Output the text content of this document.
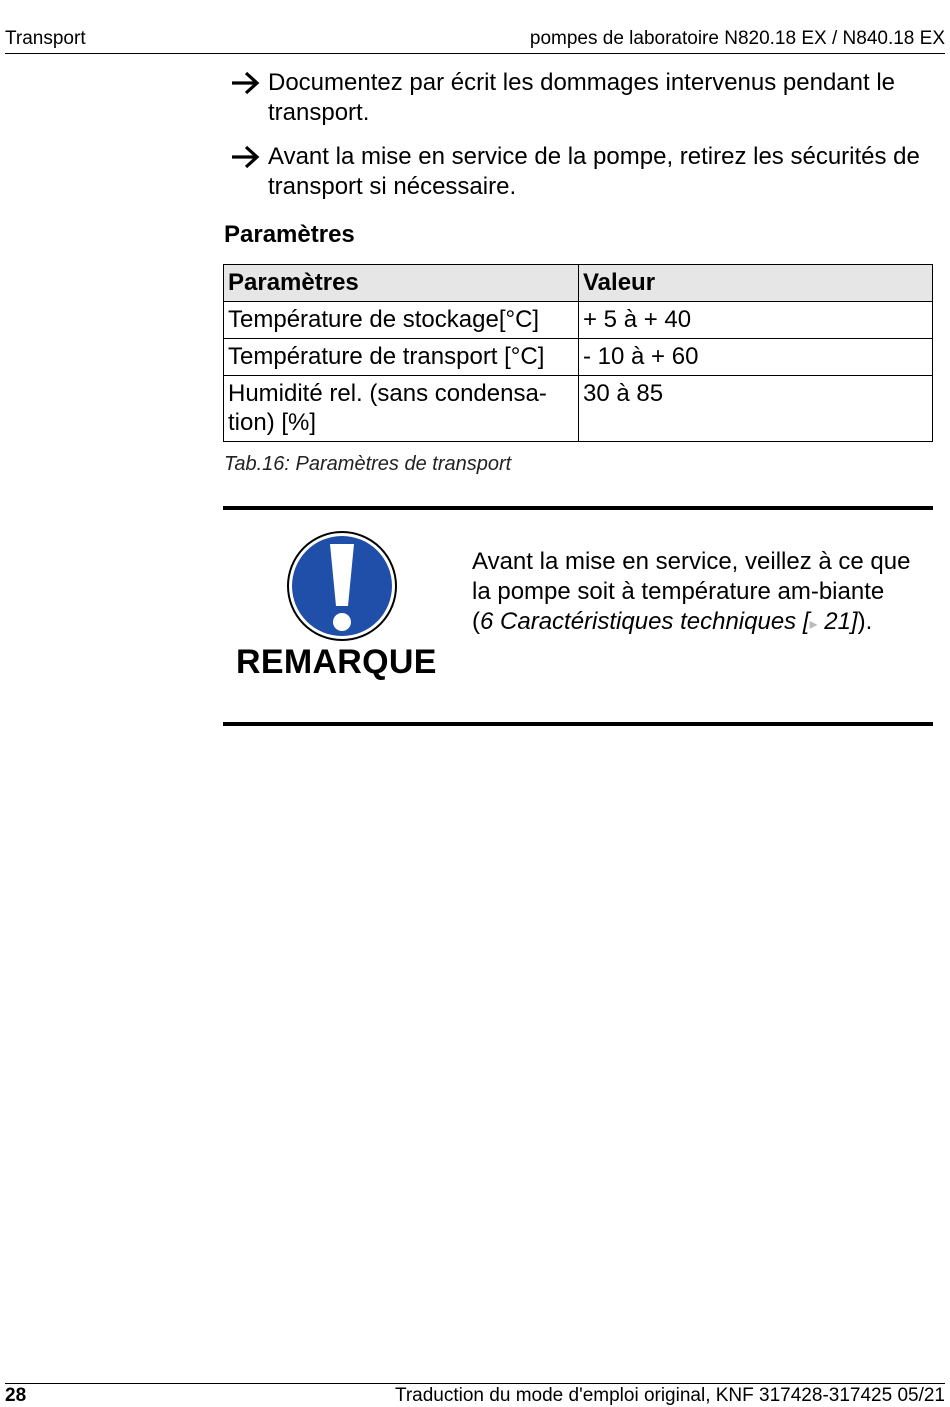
Transport	pompes de laboratoire N820.18 EX / N840.18 EX
Documentez par écrit les dommages intervenus pendant le transport.
Avant la mise en service de la pompe, retirez les sécurités de transport si nécessaire.
Paramètres
Paramètres	Valeur
Température de stockage[°C]	+ 5 à + 40
Température de transport [°C]	- 10 à + 60
Humidité rel. (sans condensa-tion) [%]	30 à 85
Tab.16: Paramètres de transport
REMARQUE
Avant la mise en service, veillez à ce que la pompe soit à température am-biante (6 Caractéristiques techniques [▸ 21]).
28	Traduction du mode d'emploi original, KNF 317428-317425 05/21
